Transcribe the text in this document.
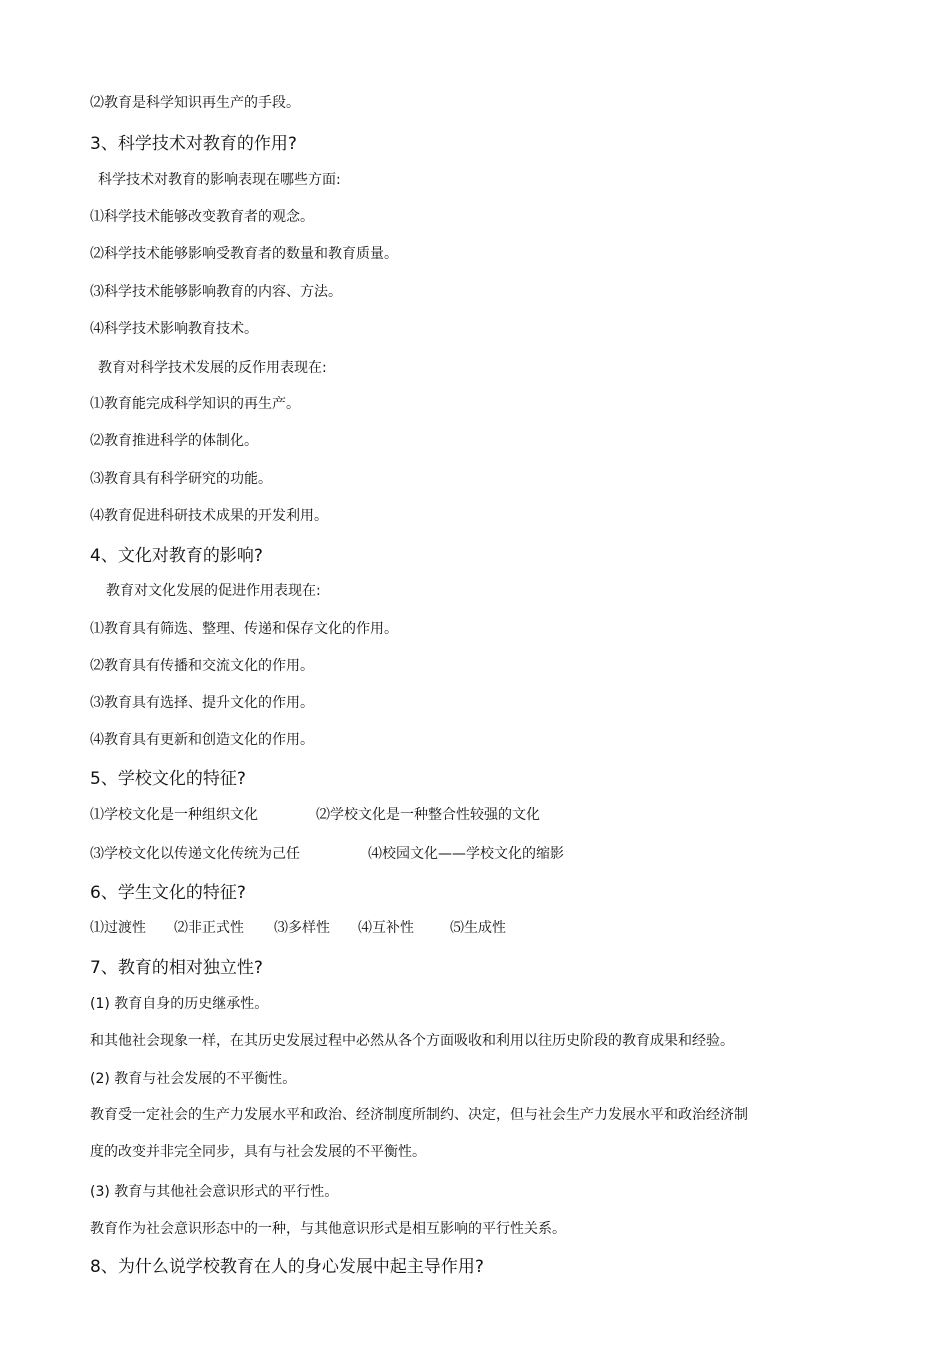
⑵教育是科学知识再生产的手段。
3、科学技术对教育的作用?
科学技术对教育的影响表现在哪些方面:
⑴科学技术能够改变教育者的观念。
⑵科学技术能够影响受教育者的数量和教育质量。
⑶科学技术能够影响教育的内容、方法。
⑷科学技术影响教育技术。
教育对科学技术发展的反作用表现在:
⑴教育能完成科学知识的再生产。
⑵教育推进科学的体制化。
⑶教育具有科学研究的功能。
⑷教育促进科研技术成果的开发利用。
4、文化对教育的影响?
教育对文化发展的促进作用表现在:
⑴教育具有筛选、整理、传递和保存文化的作用。
⑵教育具有传播和交流文化的作用。
⑶教育具有选择、提升文化的作用。
⑷教育具有更新和创造文化的作用。
5、学校文化的特征?
⑴学校文化是一种组织文化	⑵学校文化是一种整合性较强的文化
⑶学校文化以传递文化传统为己任	⑷校园文化——学校文化的缩影
6、学生文化的特征?
⑴过渡性 ⑵非正式性 ⑶多样性 ⑷互补性	⑸生成性
7、教育的相对独立性?
(1) 教育自身的历史继承性。
和其他社会现象一样，在其历史发展过程中必然从各个方面吸收和利用以往历史阶段的教育成果和经验。
(2) 教育与社会发展的不平衡性。
教育受一定社会的生产力发展水平和政治、经济制度所制约、决定，但与社会生产力发展水平和政治经济制
度的改变并非完全同步，具有与社会发展的不平衡性。
(3) 教育与其他社会意识形式的平行性。
教育作为社会意识形态中的一种，与其他意识形式是相互影响的平行性关系。
8、为什么说学校教育在人的身心发展中起主导作用?
